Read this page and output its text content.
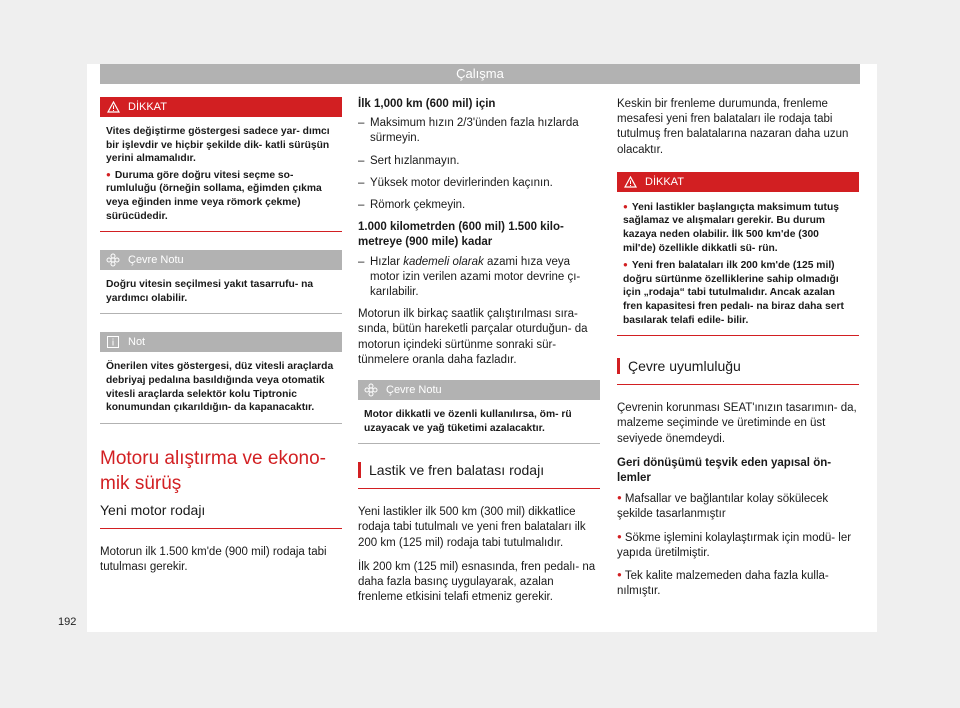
Çalışma
192
DİKKAT

Vites değiştirme göstergesi sadece yar- dımcı bir işlevdir ve hiçbir şekilde dik- katli sürüşün yerini almamalıdır.

● Duruma göre doğru vitesi seçme so- rumluluğu (örneğin sollama, eğimden çıkma veya eğinden inme veya römork çekme) sürücüdedir.

Çevre Notu

Doğru vitesin seçilmesi yakıt tasarrufu- na yardımcı olabilir.

Not

Önerilen vites göstergesi, düz vitesli araçlarda debriyaj pedalına basıldığında veya otomatik vitesli araçlarda selektör kolu Tiptronic konumundan çıkarıldığın- da kapanacaktır.

Motoru alıştırma ve ekono-
mik sürüş
Yeni motor rodajı

Motorun ilk 1.500 km'de (900 mil) rodaja tabi tutulması gerekir.

İlk 1,000 km (600 mil) için

– Maksimum hızın 2/3'ünden fazla hızlarda sürmeyin.

– Sert hızlanmayın.

– Yüksek motor devirlerinden kaçının.

– Römork çekmeyin.

1.000 kilometrden (600 mil) 1.500 kilo- metreye (900 mile) kadar

– Hızlar kademeli olarak azami hıza veya motor izin verilen azami motor devrine çı- karılabilir.

Motorun ilk birkaç saatlik çalıştırılması sıra- sında, bütün hareketli parçalar oturduğun- da motorun içindeki sürtünme sonraki sür- tünmelere oranla daha fazladır.

Çevre Notu

Motor dikkatli ve özenli kullanılırsa, öm- rü uzayacak ve yağ tüketimi azalacaktır.

Lastik ve fren balatası rodajı

Yeni lastikler ilk 500 km (300 mil) dikkatlice rodaja tabi tutulmalı ve yeni fren balataları ilk 200 km (125 mil) rodaja tabi tutulmalıdır.

İlk 200 km (125 mil) esnasında, fren pedalı- na daha fazla basınç uygulayarak, azalan frenleme etkisini telafi etmeniz gerekir.

Keskin bir frenleme durumunda, frenleme mesafesi yeni fren balataları ile rodaja tabi tutulmuş fren balatalarına nazaran daha uzun olacaktır.

DİKKAT

● Yeni lastikler başlangıçta maksimum tutuş sağlamaz ve alışmaları gerekir. Bu durum kazaya neden olabilir. İlk 500 km'de (300 mil'de) özellikle dikkatli sü- rün.

● Yeni fren balataları ilk 200 km'de (125 mil) doğru sürtünme özelliklerine sahip olmadığı için „rodaja“ tabi tutulmalıdır. Ancak azalan fren kapasitesi fren pedalı- na biraz daha sert basılarak telafi edile- bilir.

Çevre uyumluluğu

Çevrenin korunması SEAT'ınızın tasarımın- da, malzeme seçiminde ve üretiminde en üst seviyede önemdeydi.

Geri dönüşümü teşvik eden yapısal ön- lemler

● Mafsallar ve bağlantılar kolay sökülecek şekilde tasarlanmıştır

● Sökme işlemini kolaylaştırmak için modü- ler yapıda üretilmiştir.

● Tek kalite malzemeden daha fazla kulla- nılmıştır.
